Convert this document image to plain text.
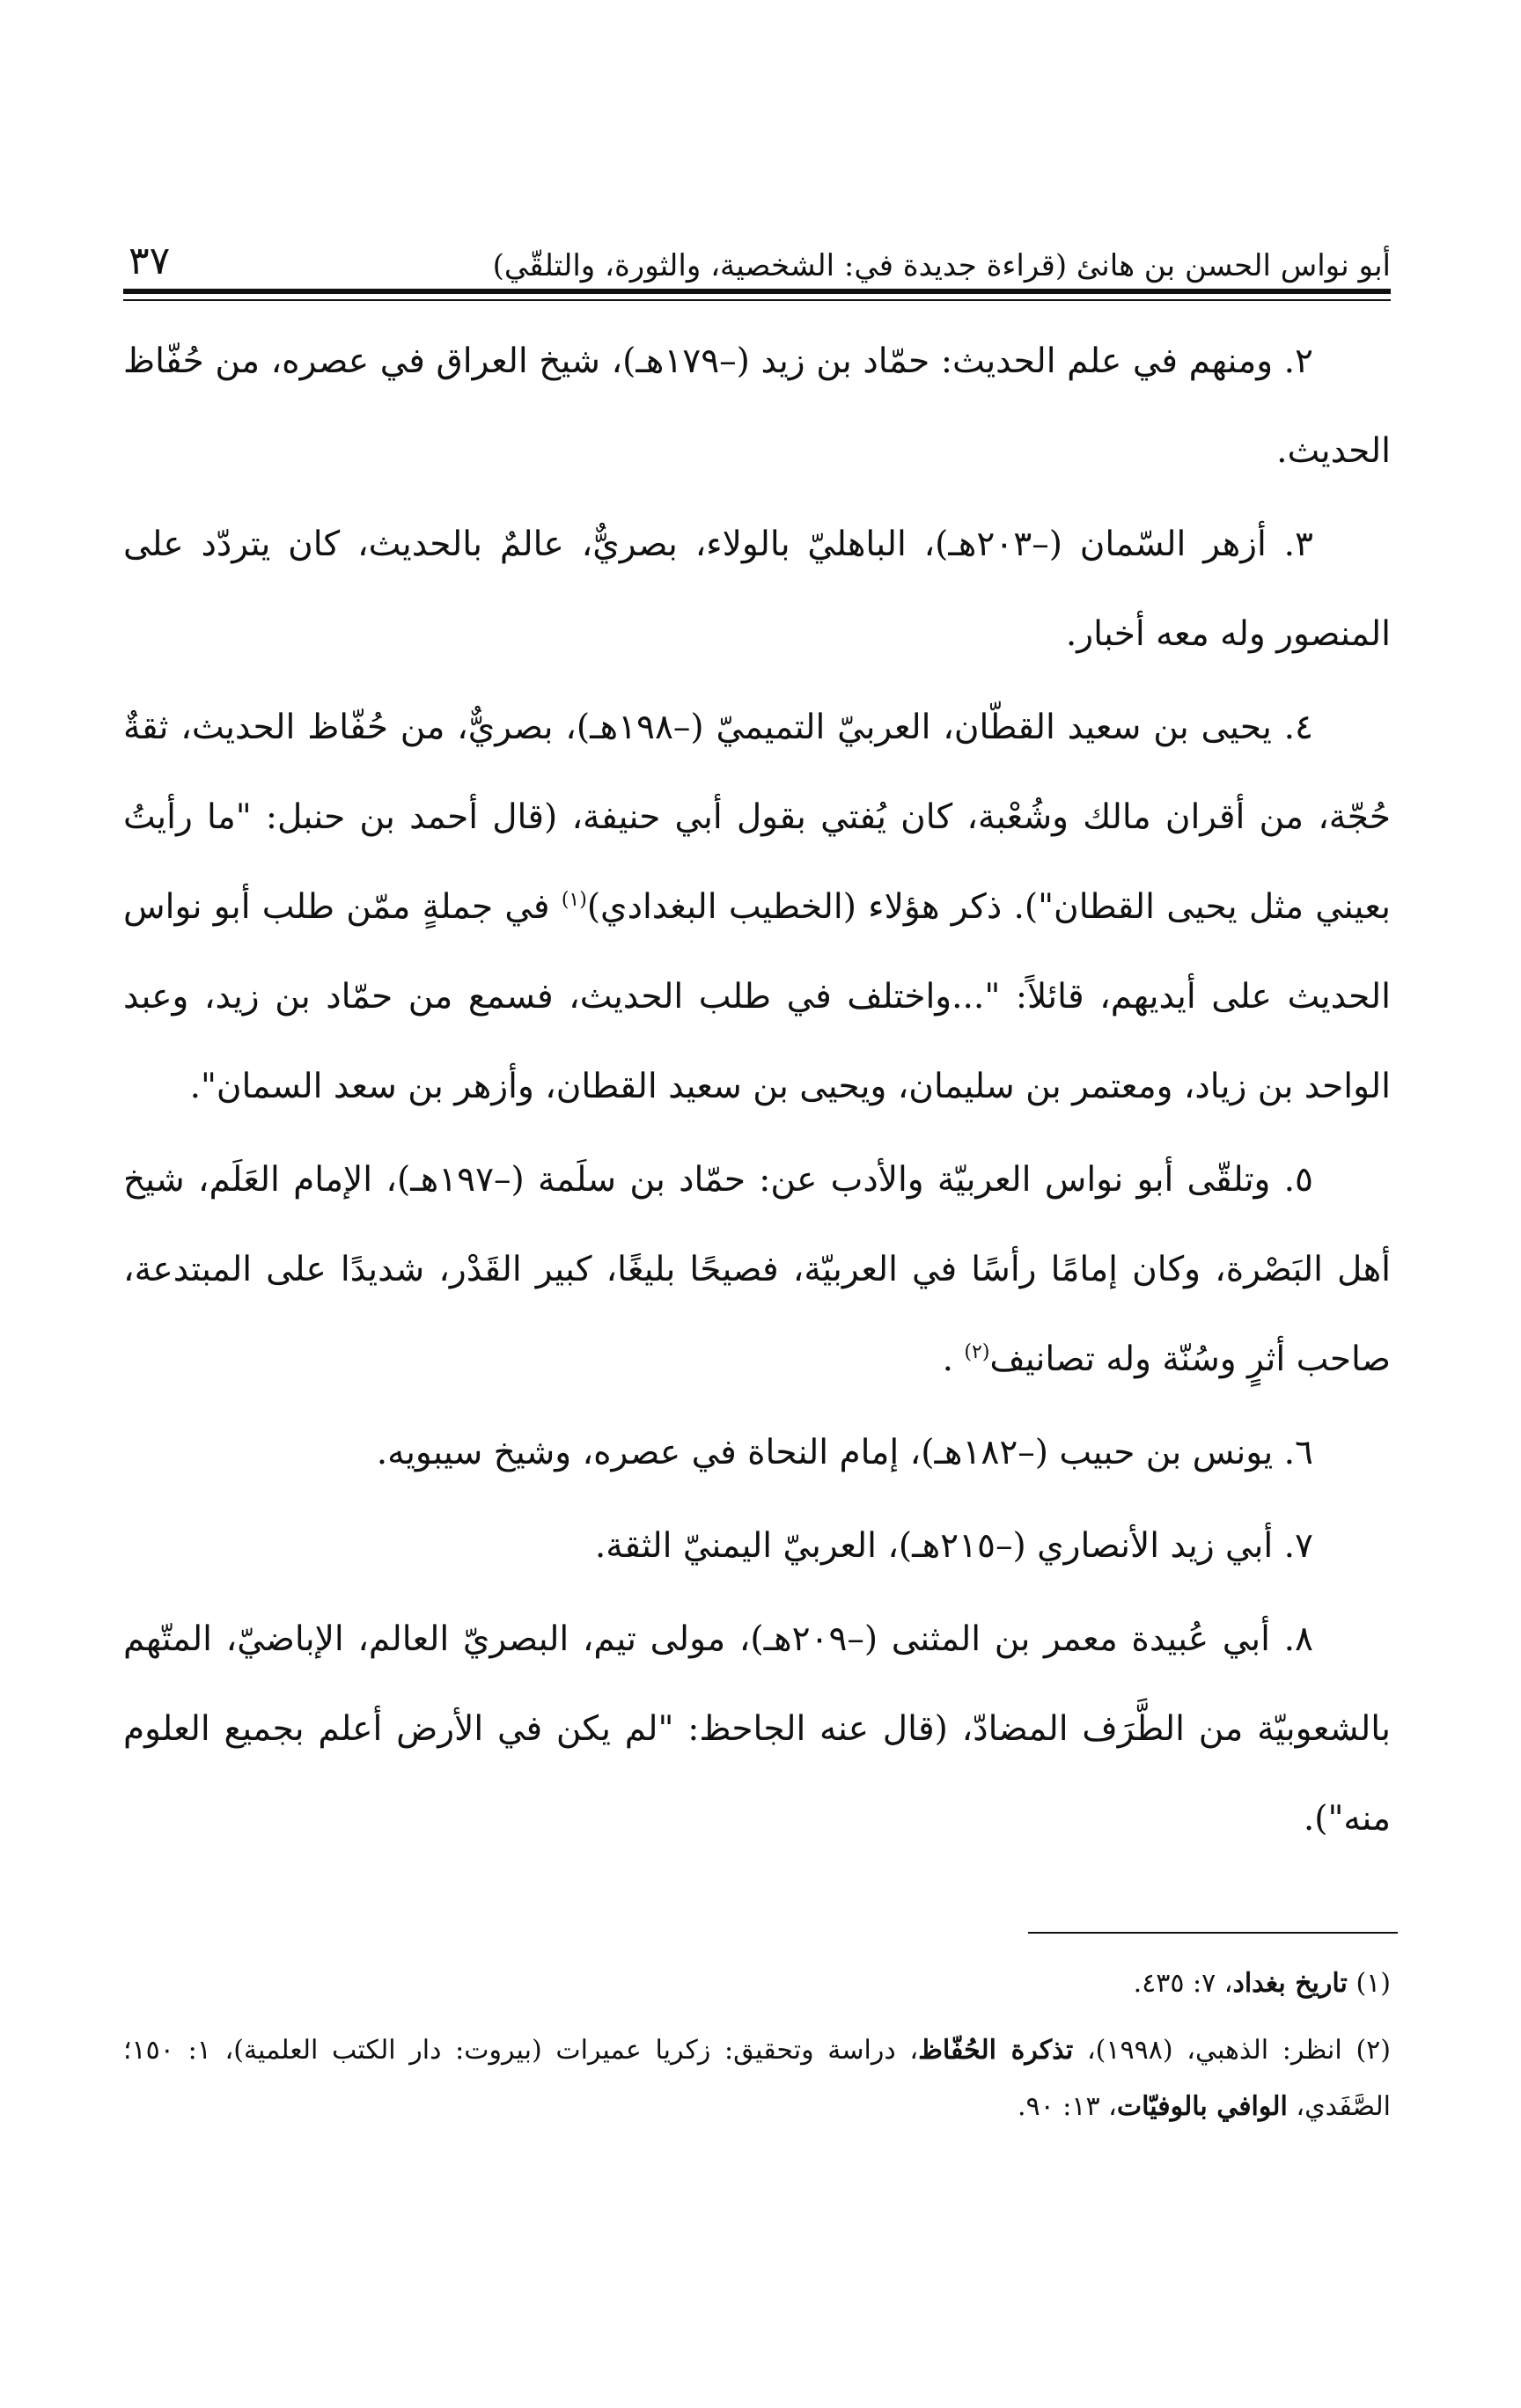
أبو نواس الحسن بن هانئ (قراءة جديدة في: الشخصية، والثورة، والتلقّي)
٣٧

٢. ومنهم في علم الحديث: حمّاد بن زيد (–١٧٩هـ)، شيخ العراق في عصره، من حُفّاظ الحديث.

٣. أزهر السّمان (–٢٠٣هـ)، الباهليّ بالولاء، بصريٌّ، عالمٌ بالحديث، كان يتردّد على المنصور وله معه أخبار.

٤. يحيى بن سعيد القطّان، العربيّ التميميّ (–١٩٨هـ)، بصريٌّ، من حُفّاظ الحديث، ثقةٌ حُجّة، من أقران مالك وشُعْبة، كان يُفتي بقول أبي حنيفة، (قال أحمد بن حنبل: "ما رأيتُ بعيني مثل يحيى القطان"). ذكر هؤلاء (الخطيب البغدادي)$^{(١)}$ في جملةٍ ممّن طلب أبو نواس الحديث على أيديهم، قائلاً: "...واختلف في طلب الحديث، فسمع من حمّاد بن زيد، وعبد الواحد بن زياد، ومعتمر بن سليمان، ويحيى بن سعيد القطان، وأزهر بن سعد السمان".

٥. وتلقّى أبو نواس العربيّة والأدب عن: حمّاد بن سلَمة (–١٩٧هـ)، الإمام العَلَم، شيخ أهل البَصْرة، وكان إمامًا رأسًا في العربيّة، فصيحًا بليغًا، كبير القَدْر، شديدًا على المبتدعة، صاحب أثرٍ وسُنّة وله تصانيف$^{(٢)}$ .

٦. يونس بن حبيب (–١٨٢هـ)، إمام النحاة في عصره، وشيخ سيبويه.

٧. أبي زيد الأنصاري (–٢١٥هـ)، العربيّ اليمنيّ الثقة.

٨. أبي عُبيدة معمر بن المثنى (–٢٠٩هـ)، مولى تيم، البصريّ العالم، الإباضيّ، المتّهم بالشعوبيّة من الطَّرَف المضادّ، (قال عنه الجاحظ: "لم يكن في الأرض أعلم بجميع العلوم منه").

(١) تاريخ بغداد، ٧: ٤٣٥.

(٢) انظر: الذهبي، (١٩٩٨)، تذكرة الحُفّاظ، دراسة وتحقيق: زكريا عميرات (بيروت: دار الكتب العلمية)، ١: ١٥٠؛ الصَّفَدي، الوافي بالوفيّات، ١٣: ٩٠.
